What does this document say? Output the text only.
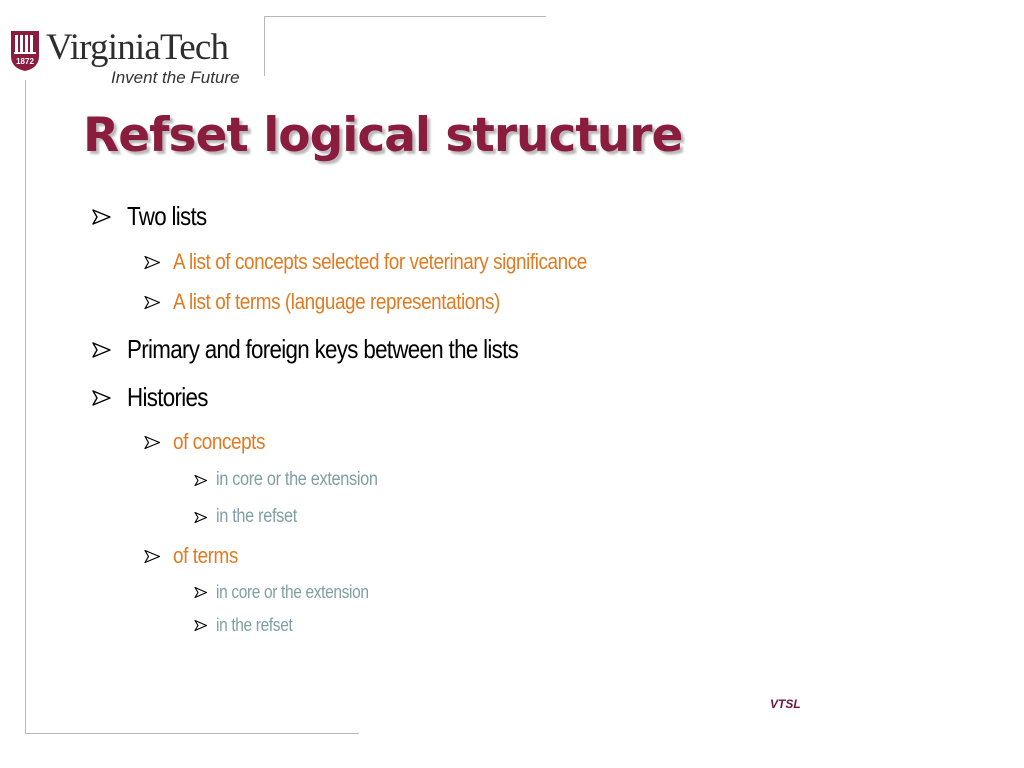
1872 VirginiaTech
Invent the Future
Refset logical structure
Two lists
A list of concepts selected for veterinary significance
A list of terms (language representations)
Primary and foreign keys between the lists
Histories
of concepts
in core or the extension
in the refset
of terms
in core or the extension
in the refset
VTSL
